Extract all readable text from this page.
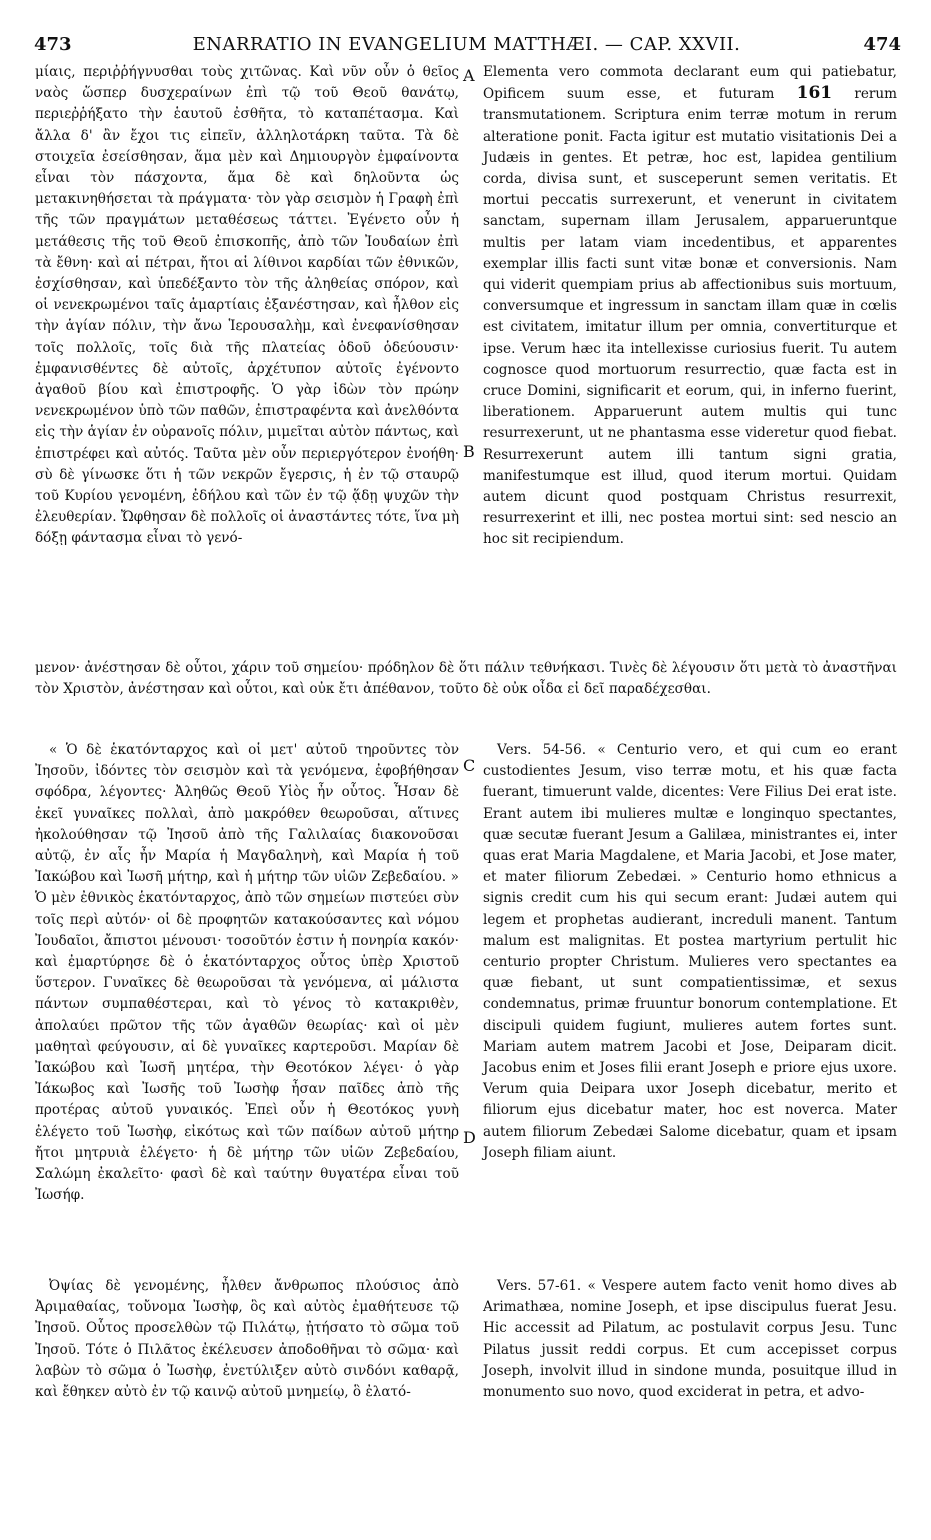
473	ENARRATIO IN EVANGELIUM MATTHÆI. — CAP. XXVII.	474
A
B
C
D

μίαις, περιῤῥήγνυσθαι τοὺς χιτῶνας. Καὶ νῦν οὖν ὁ θεῖος ναὸς ὥσπερ δυσχεραίνων ἐπὶ τῷ τοῦ Θεοῦ θανάτῳ, περιεῤῥήξατο τὴν ἑαυτοῦ ἐσθῆτα, τὸ καταπέτασμα. Καὶ ἄλλα δ' ἂν ἔχοι τις εἰπεῖν, ἀλληλοτάρκη ταῦτα. Τὰ δὲ στοιχεῖα ἐσείσθησαν, ἅμα μὲν καὶ Δημιουργὸν ἐμφαίνοντα εἶναι τὸν πάσχοντα, ἅμα δὲ καὶ δηλοῦντα ὡς μετακινηθήσεται τὰ πράγματα· τὸν γὰρ σεισμὸν ἡ Γραφὴ ἐπὶ τῆς τῶν πραγμάτων μεταθέσεως τάττει. Ἐγένετο οὖν ἡ μετάθεσις τῆς τοῦ Θεοῦ ἐπισκοπῆς, ἀπὸ τῶν Ἰουδαίων ἐπὶ τὰ ἔθνη· καὶ αἱ πέτραι, ἤτοι αἱ λίθινοι καρδίαι τῶν ἐθνικῶν, ἐσχίσθησαν, καὶ ὑπεδέξαντο τὸν τῆς ἀληθείας σπόρον, καὶ οἱ νενεκρωμένοι ταῖς ἁμαρτίαις ἐξανέστησαν, καὶ ἦλθον εἰς τὴν ἁγίαν πόλιν, τὴν ἄνω Ἱερουσαλὴμ, καὶ ἐνεφανίσθησαν τοῖς πολλοῖς, τοῖς διὰ τῆς πλατείας ὁδοῦ ὁδεύουσιν· ἐμφανισθέντες δὲ αὐτοῖς, ἀρχέτυπον αὐτοῖς ἐγένοντο ἀγαθοῦ βίου καὶ ἐπιστροφῆς. Ὁ γὰρ ἰδὼν τὸν πρώην νενεκρωμένον ὑπὸ τῶν παθῶν, ἐπιστραφέντα καὶ ἀνελθόντα εἰς τὴν ἁγίαν ἐν οὐρανοῖς πόλιν, μιμεῖται αὐτὸν πάντως, καὶ ἐπιστρέφει καὶ αὐτός. Ταῦτα μὲν οὖν περιεργότερον ἐνοήθη· σὺ δὲ γίνωσκε ὅτι ἡ τῶν νεκρῶν ἔγερσις, ἡ ἐν τῷ σταυρῷ τοῦ Κυρίου γενομένη, ἐδήλου καὶ τῶν ἐν τῷ ᾅδῃ ψυχῶν τὴν ἐλευθερίαν. Ὤφθησαν δὲ πολλοῖς οἱ ἀναστάντες τότε, ἵνα μὴ δόξῃ φάντασμα εἶναι τὸ γενό-

Elementa vero commota declarant eum qui patiebatur, Opificem suum esse, et futuram 161 rerum transmutationem. Scriptura enim terræ motum in rerum alteratione ponit. Facta igitur est mutatio visitationis Dei a Judæis in gentes. Et petræ, hoc est, lapidea gentilium corda, divisa sunt, et susceperunt semen veritatis. Et mortui peccatis surrexerunt, et venerunt in civitatem sanctam, supernam illam Jerusalem, apparueruntque multis per latam viam incedentibus, et apparentes exemplar illis facti sunt vitæ bonæ et conversionis. Nam qui viderit quempiam prius ab affectionibus suis mortuum, conversumque et ingressum in sanctam illam quæ in cœlis est civitatem, imitatur illum per omnia, convertiturque et ipse. Verum hæc ita intellexisse curiosius fuerit. Tu autem cognosce quod mortuorum resurrectio, quæ facta est in cruce Domini, significarit et eorum, qui, in inferno fuerint, liberationem. Apparuerunt autem multis qui tunc resurrexerunt, ut ne phantasma esse videretur quod fiebat. Resurrexerunt autem illi tantum signi gratia, manifestumque est illud, quod iterum mortui. Quidam autem dicunt quod postquam Christus resurrexit, resurrexerint et illi, nec postea mortui sint: sed nescio an hoc sit recipiendum.

μενον· ἀνέστησαν δὲ οὗτοι, χάριν τοῦ σημείου· πρόδηλον δὲ ὅτι πάλιν τεθνήκασι. Τινὲς δὲ λέγουσιν ὅτι μετὰ τὸ ἀναστῆναι τὸν Χριστὸν, ἀνέστησαν καὶ οὗτοι, καὶ οὐκ ἔτι ἀπέθανον, τοῦτο δὲ οὐκ οἶδα εἰ δεῖ παραδέχεσθαι.

« Ὁ δὲ ἑκατόνταρχος καὶ οἱ μετ' αὐτοῦ τηροῦντες τὸν Ἰησοῦν, ἰδόντες τὸν σεισμὸν καὶ τὰ γενόμενα, ἐφοβήθησαν σφόδρα, λέγοντες· Ἀληθῶς Θεοῦ Υἱὸς ἦν οὗτος. Ἦσαν δὲ ἐκεῖ γυναῖκες πολλαὶ, ἀπὸ μακρόθεν θεωροῦσαι, αἵτινες ἠκολούθησαν τῷ Ἰησοῦ ἀπὸ τῆς Γαλιλαίας διακονοῦσαι αὐτῷ, ἐν αἷς ἦν Μαρία ἡ Μαγδαληνὴ, καὶ Μαρία ἡ τοῦ Ἰακώβου καὶ Ἰωσῆ μήτηρ, καὶ ἡ μήτηρ τῶν υἱῶν Ζεβεδαίου. » Ὁ μὲν ἐθνικὸς ἑκατόνταρχος, ἀπὸ τῶν σημείων πιστεύει σὺν τοῖς περὶ αὐτόν· οἱ δὲ προφητῶν κατακούσαντες καὶ νόμου Ἰουδαῖοι, ἄπιστοι μένουσι· τοσοῦτόν ἐστιν ἡ πονηρία κακόν· καὶ ἐμαρτύρησε δὲ ὁ ἑκατόνταρχος οὗτος ὑπὲρ Χριστοῦ ὕστερον. Γυναῖκες δὲ θεωροῦσαι τὰ γενόμενα, αἱ μάλιστα πάντων συμπαθέστεραι, καὶ τὸ γένος τὸ κατακριθὲν, ἀπολαύει πρῶτον τῆς τῶν ἀγαθῶν θεωρίας· καὶ οἱ μὲν μαθηταὶ φεύγουσιν, αἱ δὲ γυναῖκες καρτεροῦσι. Μαρίαν δὲ Ἰακώβου καὶ Ἰωσῆ μητέρα, τὴν Θεοτόκον λέγει· ὁ γὰρ Ἰάκωβος καὶ Ἰωσῆς τοῦ Ἰωσὴφ ἦσαν παῖδες ἀπὸ τῆς προτέρας αὐτοῦ γυναικός. Ἐπεὶ οὖν ἡ Θεοτόκος γυνὴ ἐλέγετο τοῦ Ἰωσὴφ, εἰκότως καὶ τῶν παίδων αὐτοῦ μήτηρ ἤτοι μητρυιὰ ἐλέγετο· ἡ δὲ μήτηρ τῶν υἱῶν Ζεβεδαίου, Σαλώμη ἐκαλεῖτο· φασὶ δὲ καὶ ταύτην θυγατέρα εἶναι τοῦ Ἰωσήφ.

Vers. 54-56. « Centurio vero, et qui cum eo erant custodientes Jesum, viso terræ motu, et his quæ facta fuerant, timuerunt valde, dicentes: Vere Filius Dei erat iste. Erant autem ibi mulieres multæ e longinquo spectantes, quæ secutæ fuerant Jesum a Galilæa, ministrantes ei, inter quas erat Maria Magdalene, et Maria Jacobi, et Jose mater, et mater filiorum Zebedæi. » Centurio homo ethnicus a signis credit cum his qui secum erant: Judæi autem qui legem et prophetas audierant, increduli manent. Tantum malum est malignitas. Et postea martyrium pertulit hic centurio propter Christum. Mulieres vero spectantes ea quæ fiebant, ut sunt compatientissimæ, et sexus condemnatus, primæ fruuntur bonorum contemplatione. Et discipuli quidem fugiunt, mulieres autem fortes sunt. Mariam autem matrem Jacobi et Jose, Deiparam dicit. Jacobus enim et Joses filii erant Joseph e priore ejus uxore. Verum quia Deipara uxor Joseph dicebatur, merito et filiorum ejus dicebatur mater, hoc est noverca. Mater autem filiorum Zebedæi Salome dicebatur, quam et ipsam Joseph filiam aiunt.

Ὀψίας δὲ γενομένης, ἦλθεν ἄνθρωπος πλούσιος ἀπὸ Ἀριμαθαίας, τοὔνομα Ἰωσὴφ, ὃς καὶ αὐτὸς ἐμαθήτευσε τῷ Ἰησοῦ. Οὗτος προσελθὼν τῷ Πιλάτῳ, ᾐτήσατο τὸ σῶμα τοῦ Ἰησοῦ. Τότε ὁ Πιλᾶτος ἐκέλευσεν ἀποδοθῆναι τὸ σῶμα· καὶ λαβὼν τὸ σῶμα ὁ Ἰωσὴφ, ἐνετύλιξεν αὐτὸ σινδόνι καθαρᾷ, καὶ ἔθηκεν αὐτὸ ἐν τῷ καινῷ αὐτοῦ μνημείῳ, ὃ ἐλατό-

Vers. 57-61. « Vespere autem facto venit homo dives ab Arimathæa, nomine Joseph, et ipse discipulus fuerat Jesu. Hic accessit ad Pilatum, ac postulavit corpus Jesu. Tunc Pilatus jussit reddi corpus. Et cum accepisset corpus Joseph, involvit illud in sindone munda, posuitque illud in monumento suo novo, quod exciderat in petra, et advo-
